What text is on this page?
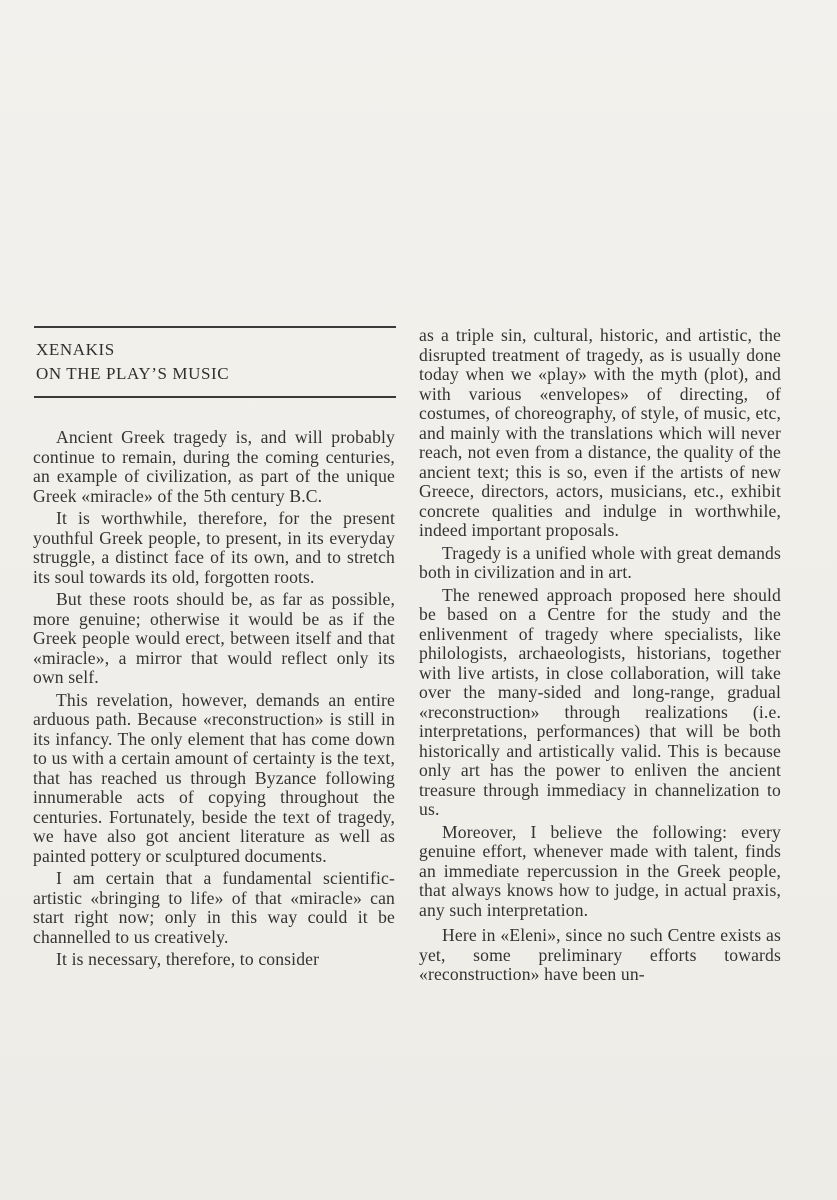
XENAKIS
ON THE PLAY’S MUSIC

Ancient Greek tragedy is, and will probably continue to remain, during the coming centuries, an example of civilization, as part of the unique Greek «miracle» of the 5th century B.C.

It is worthwhile, therefore, for the present youthful Greek people, to present, in its everyday struggle, a distinct face of its own, and to stretch its soul towards its old, forgotten roots.

But these roots should be, as far as possible, more genuine; otherwise it would be as if the Greek people would erect, between itself and that «miracle», a mirror that would reflect only its own self.

This revelation, however, demands an entire arduous path. Because «reconstruction» is still in its infancy. The only element that has come down to us with a certain amount of certainty is the text, that has reached us through Byzance following innumerable acts of copying throughout the centuries. Fortunately, beside the text of tragedy, we have also got ancient literature as well as painted pottery or sculptured documents.

I am certain that a fundamental scientific-artistic «bringing to life» of that «miracle» can start right now; only in this way could it be channelled to us creatively.

It is necessary, therefore, to consider

as a triple sin, cultural, historic, and artistic, the disrupted treatment of tragedy, as is usually done today when we «play» with the myth (plot), and with various «envelopes» of directing, of costumes, of choreography, of style, of music, etc, and mainly with the translations which will never reach, not even from a distance, the quality of the ancient text; this is so, even if the artists of new Greece, directors, actors, musicians, etc., exhibit concrete qualities and indulge in worthwhile, indeed important proposals.

Tragedy is a unified whole with great demands both in civilization and in art.

The renewed approach proposed here should be based on a Centre for the study and the enlivenment of tragedy where specialists, like philologists, archaeologists, historians, together with live artists, in close collaboration, will take over the many-sided and long-range, gradual «reconstruction» through realizations (i.e. interpretations, performances) that will be both historically and artistically valid. This is because only art has the power to enliven the ancient treasure through immediacy in channelization to us.

Moreover, I believe the following: every genuine effort, whenever made with talent, finds an immediate repercussion in the Greek people, that always knows how to judge, in actual praxis, any such interpretation.

Here in «Eleni», since no such Centre exists as yet, some preliminary efforts towards «reconstruction» have been un-
